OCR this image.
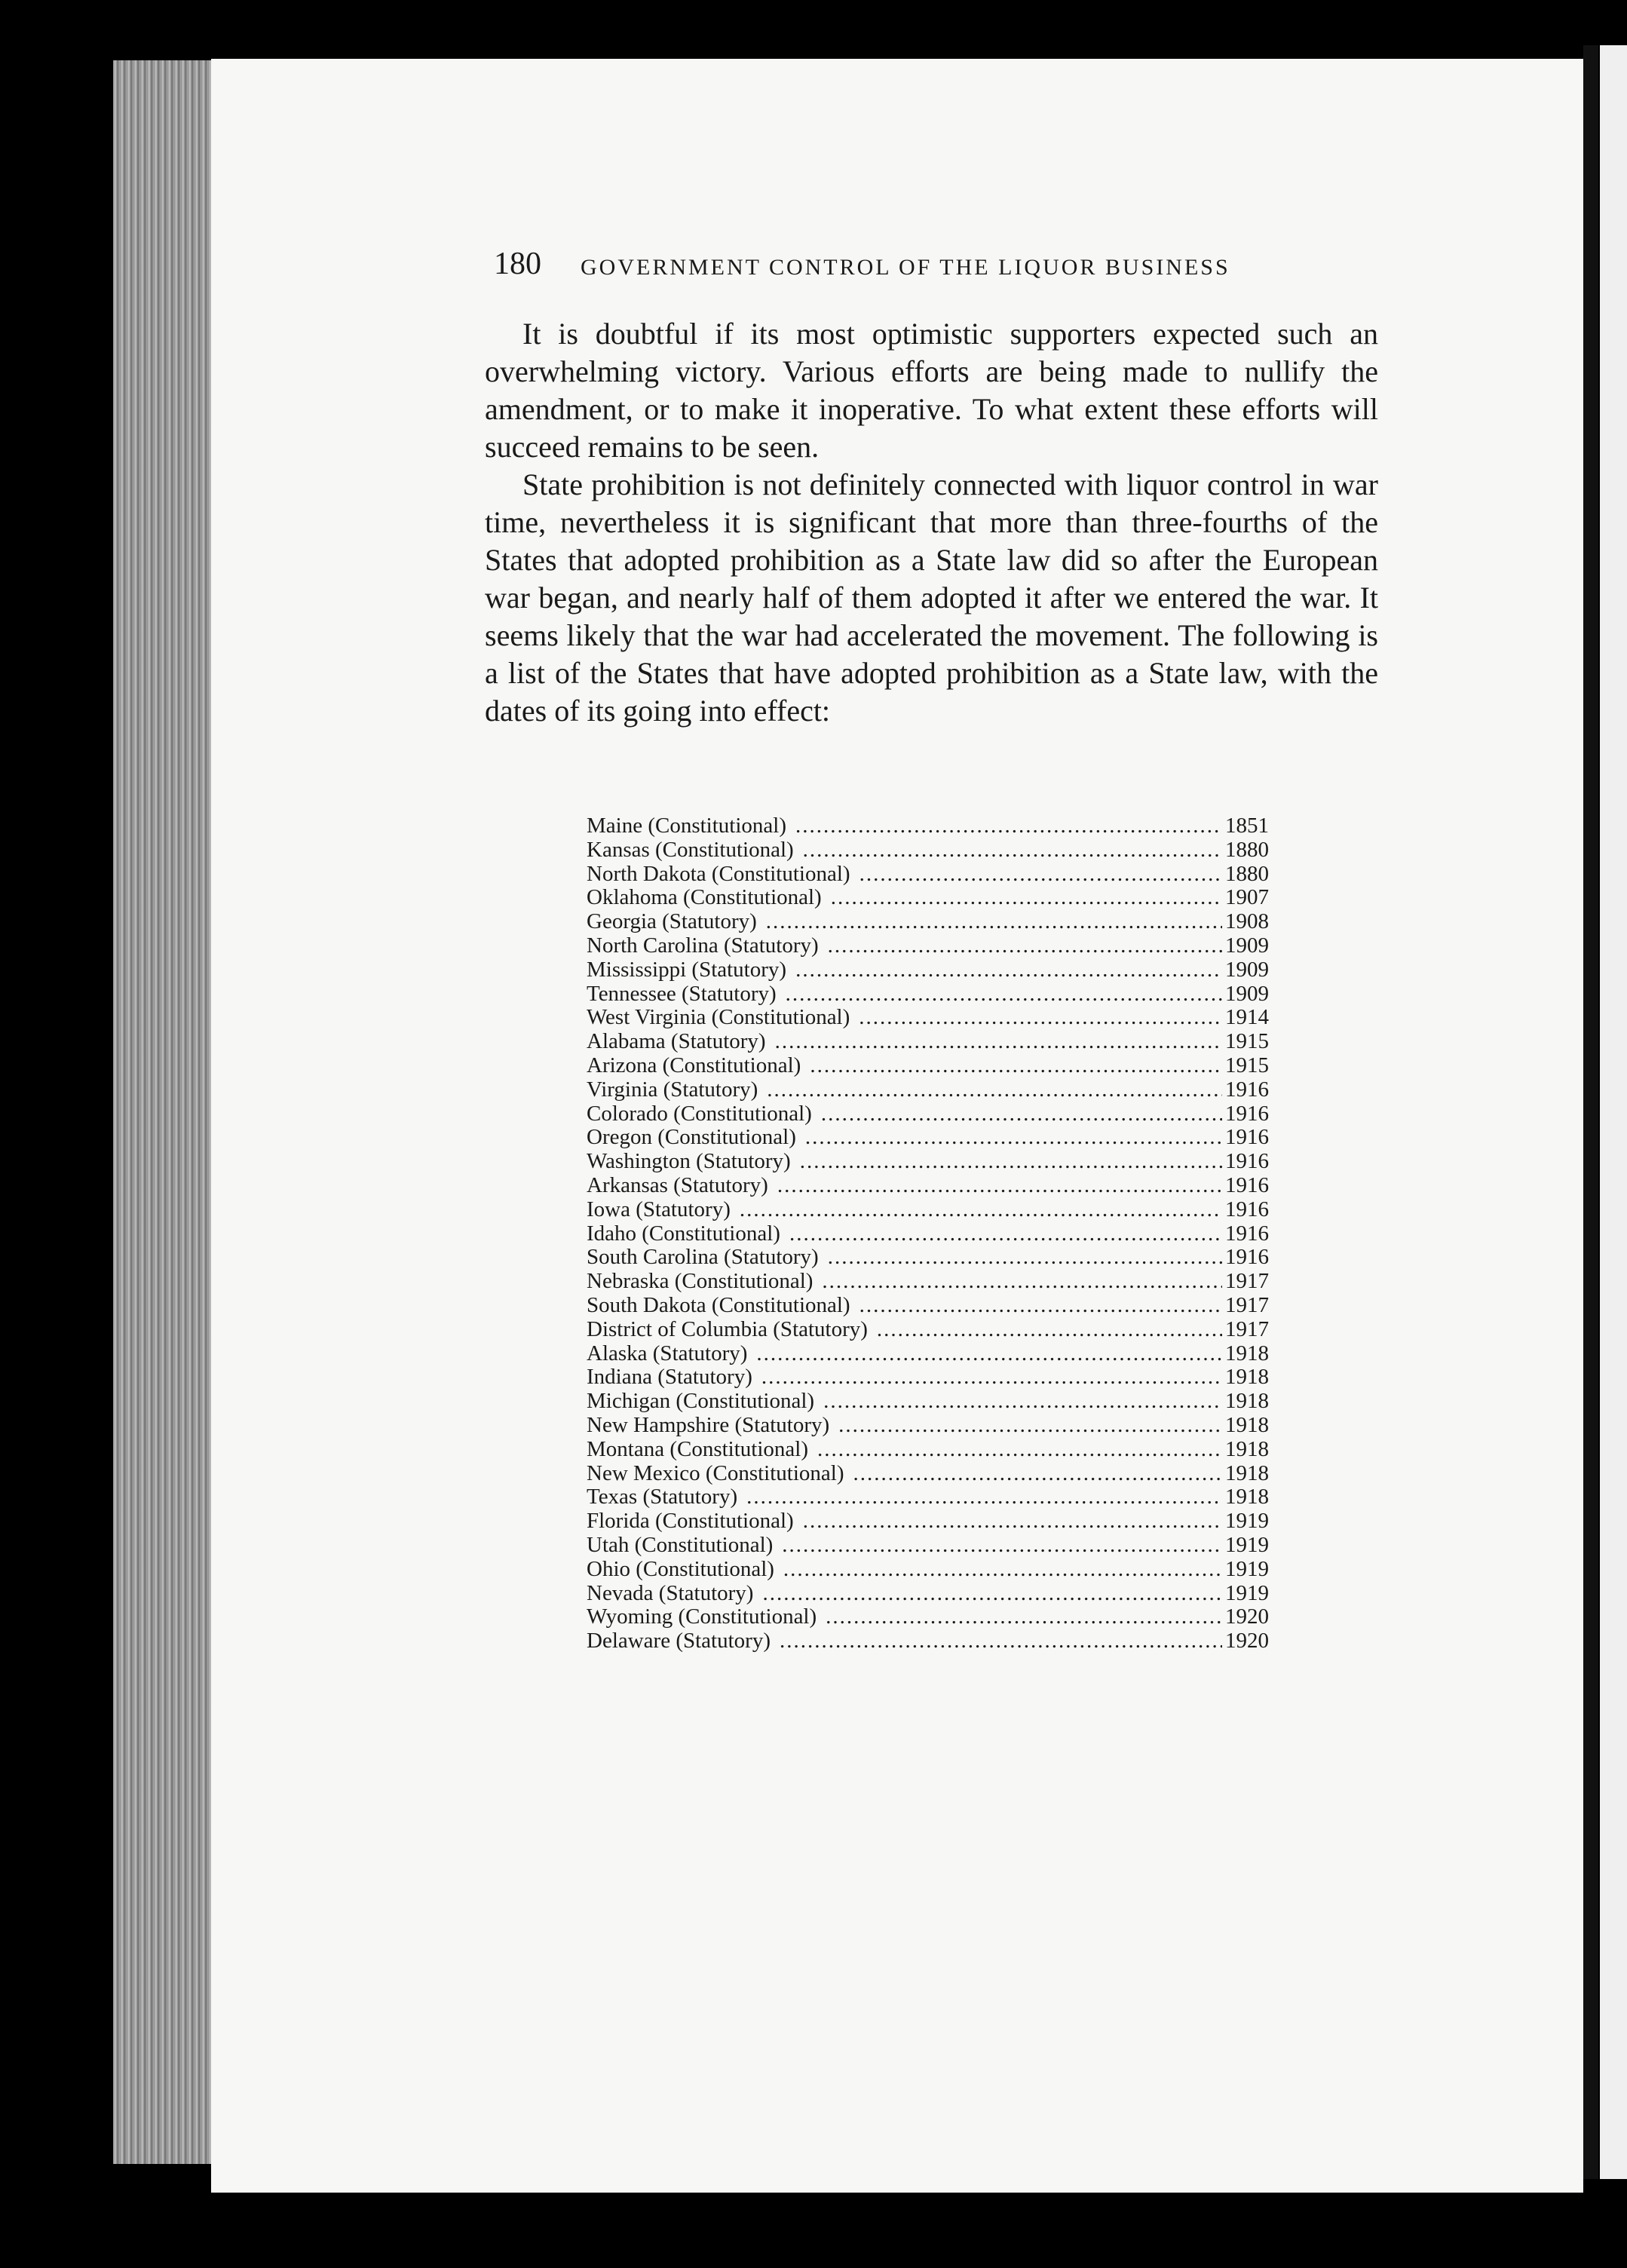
180 GOVERNMENT CONTROL OF THE LIQUOR BUSINESS

It is doubtful if its most optimistic supporters expected such an overwhelming victory. Various efforts are being made to nullify the amendment, or to make it inoperative. To what extent these efforts will succeed remains to be seen.

State prohibition is not definitely connected with liquor control in war time, nevertheless it is significant that more than three-fourths of the States that adopted prohibition as a State law did so after the European war began, and nearly half of them adopted it after we entered the war. It seems likely that the war had accelerated the movement. The following is a list of the States that have adopted prohibition as a State law, with the dates of its going into effect:

Maine (Constitutional) .....	1851
Kansas (Constitutional) .....	1880
North Dakota (Constitutional) .....	1880
Oklahoma (Constitutional) .....	1907
Georgia (Statutory) .....	1908
North Carolina (Statutory) .....	1909
Mississippi (Statutory) .....	1909
Tennessee (Statutory) .....	1909
West Virginia (Constitutional) .....	1914
Alabama (Statutory) .....	1915
Arizona (Constitutional) .....	1915
Virginia (Statutory) .....	1916
Colorado (Constitutional) .....	1916
Oregon (Constitutional) .....	1916
Washington (Statutory) .....	1916
Arkansas (Statutory) .....	1916
Iowa (Statutory) .....	1916
Idaho (Constitutional) .....	1916
South Carolina (Statutory) .....	1916
Nebraska (Constitutional) .....	1917
South Dakota (Constitutional) .....	1917
District of Columbia (Statutory) .....	1917
Alaska (Statutory) .....	1918
Indiana (Statutory) .....	1918
Michigan (Constitutional) .....	1918
New Hampshire (Statutory) .....	1918
Montana (Constitutional) .....	1918
New Mexico (Constitutional) .....	1918
Texas (Statutory) .....	1918
Florida (Constitutional) .....	1919
Utah (Constitutional) .....	1919
Ohio (Constitutional) .....	1919
Nevada (Statutory) .....	1919
Wyoming (Constitutional) .....	1920
Delaware (Statutory) .....	1920
